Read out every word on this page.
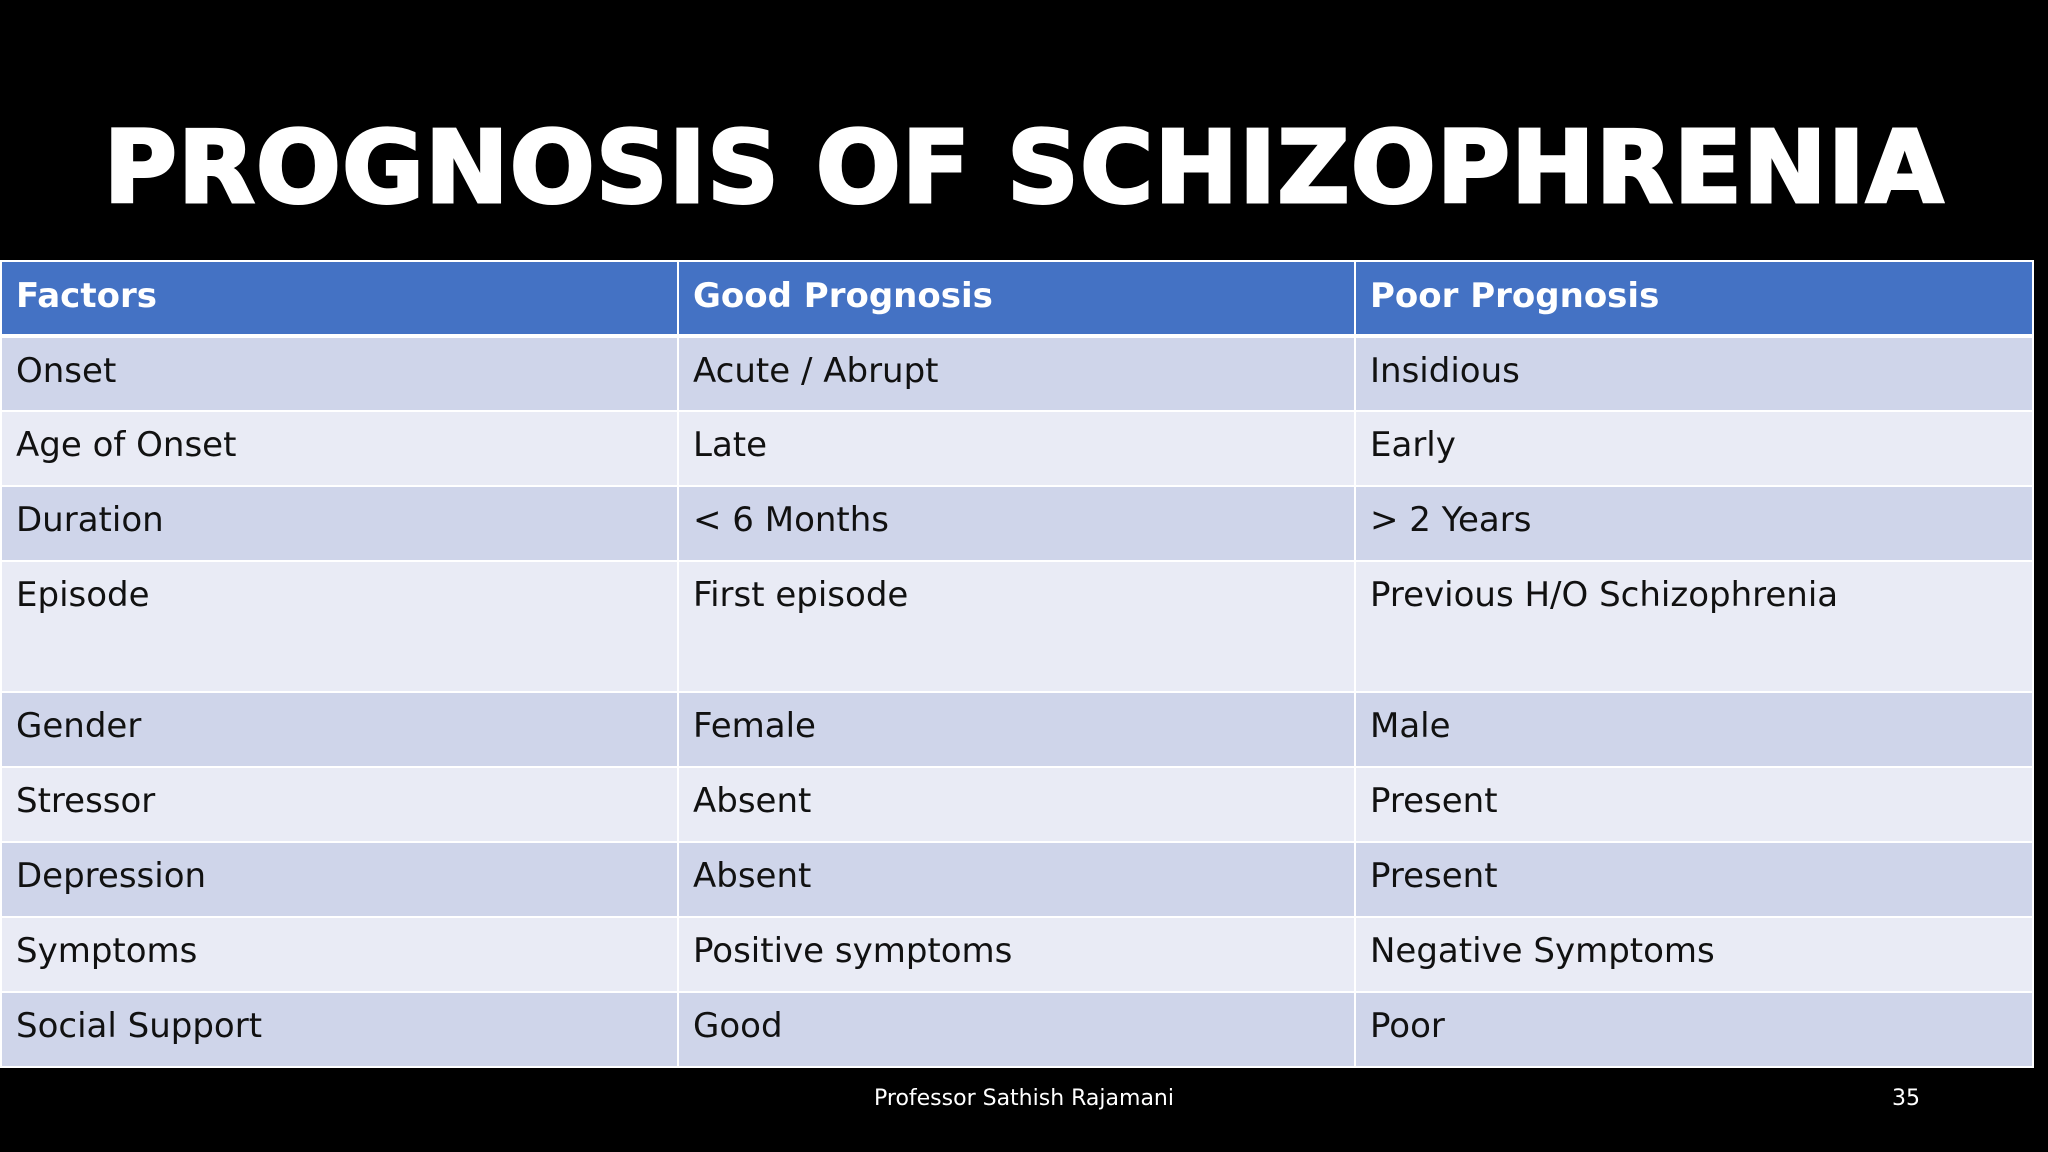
PROGNOSIS OF SCHIZOPHRENIA
Factors	Good Prognosis	Poor Prognosis
Onset	Acute / Abrupt	Insidious
Age of Onset	Late	Early
Duration	< 6 Months	> 2 Years
Episode	First episode	Previous H/O Schizophrenia
Gender	Female	Male
Stressor	Absent	Present
Depression	Absent	Present
Symptoms	Positive symptoms	Negative Symptoms
Social Support	Good	Poor
Professor Sathish Rajamani	35
